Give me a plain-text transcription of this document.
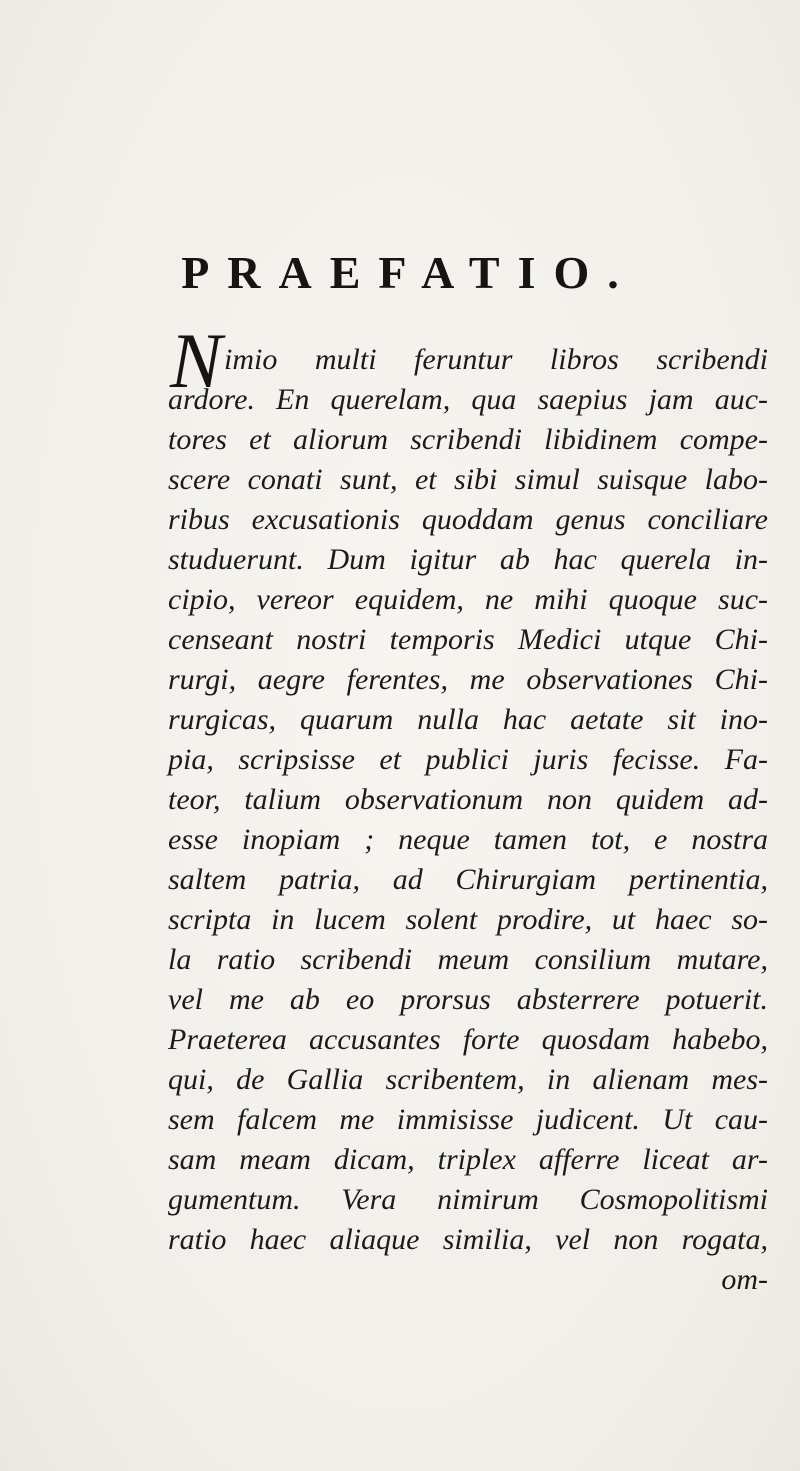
PRAEFATIO.
N imio multi feruntur libros scribendi
ardore. En querelam, qua saepius jam auc-
tores et aliorum scribendi libidinem compe-
scere conati sunt, et sibi simul suisque labo-
ribus excusationis quoddam genus conciliare
studuerunt. Dum igitur ab hac querela in-
cipio, vereor equidem, ne mihi quoque suc-
censeant nostri temporis Medici utque Chi-
rurgi, aegre ferentes, me observationes Chi-
rurgicas, quarum nulla hac aetate sit ino-
pia, scripsisse et publici juris fecisse. Fa-
teor, talium observationum non quidem ad-
esse inopiam ; neque tamen tot, e nostra
saltem patria, ad Chirurgiam pertinentia,
scripta in lucem solent prodire, ut haec so-
la ratio scribendi meum consilium mutare,
vel me ab eo prorsus absterrere potuerit.
Praeterea accusantes forte quosdam habebo,
qui, de Gallia scribentem, in alienam mes-
sem falcem me immisisse judicent. Ut cau-
sam meam dicam, triplex afferre liceat ar-
gumentum. Vera nimirum Cosmopolitismi
ratio haec aliaque similia, vel non rogata,
om-
